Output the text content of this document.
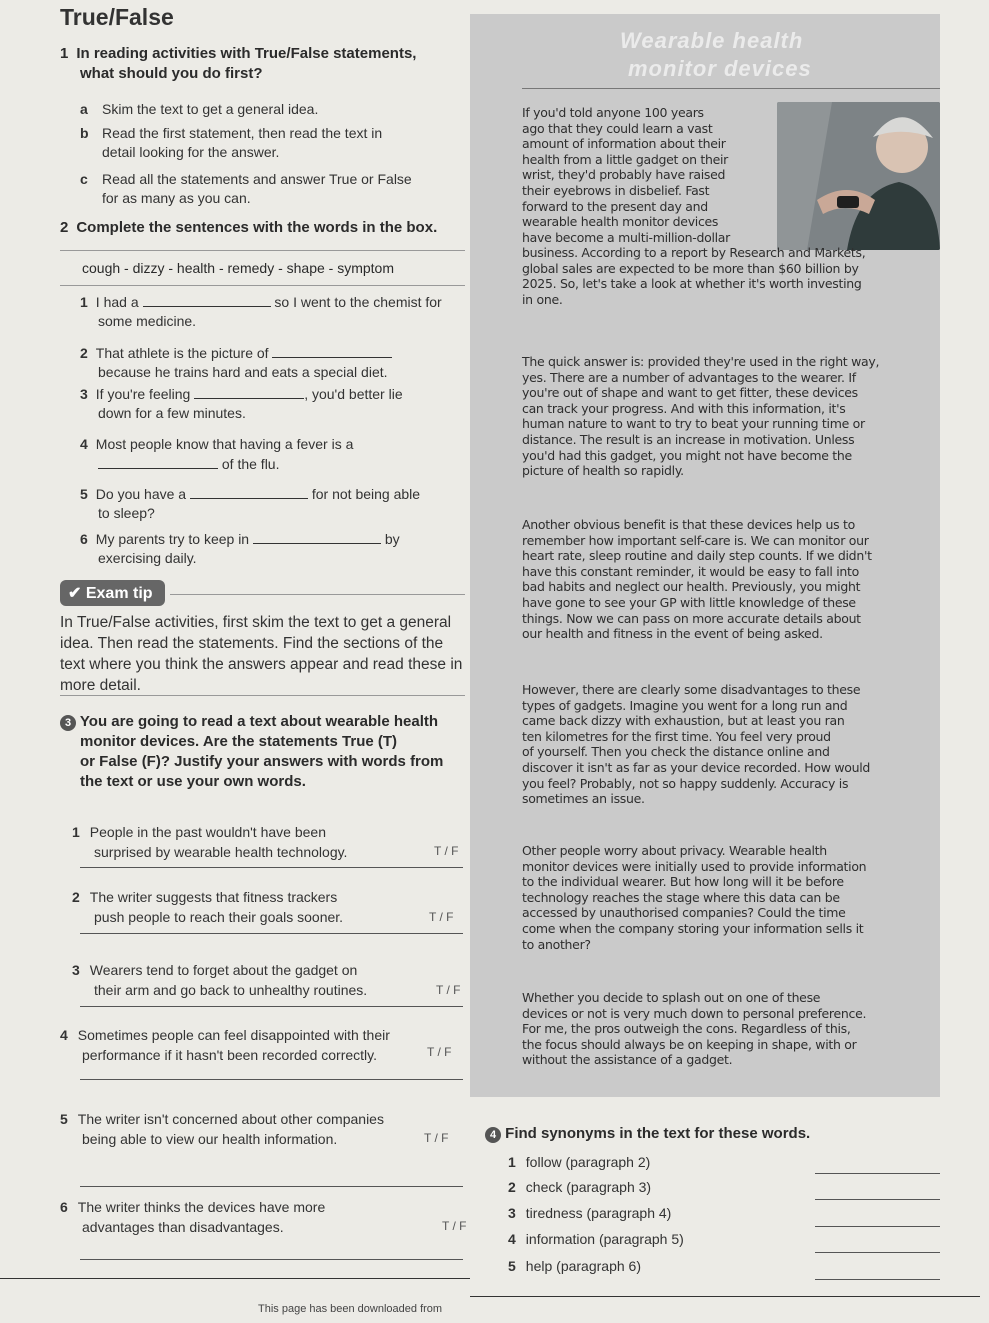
True/False
1 In reading activities with True/False statements,
what should you do first?
a Skim the text to get a general idea.
b Read the first statement, then read the text in
detail looking for the answer.
c Read all the statements and answer True or False
for as many as you can.
2 Complete the sentences with the words in the box.
cough - dizzy - health - remedy - shape - symptom
1 I had a	so I went to the chemist for
some medicine.
2 That athlete is the picture of
because he trains hard and eats a special diet.
3 If you're feeling	, you'd better lie
down for a few minutes.
4 Most people know that having a fever is a
of the flu.
5 Do you have a	for not being able
to sleep?
6 My parents try to keep in	by
exercising daily.
✔ Exam tip
In True/False activities, first skim the text to get a general idea. Then read the statements. Find the sections of the text where you think the answers appear and read these in more detail.
3 You are going to read a text about wearable health
monitor devices. Are the statements True (T)
or False (F)? Justify your answers with words from
the text or use your own words.
1 People in the past wouldn't have been
surprised by wearable health technology.	T / F
2 The writer suggests that fitness trackers
push people to reach their goals sooner.	T / F
3 Wearers tend to forget about the gadget on
their arm and go back to unhealthy routines.	T / F
4 Sometimes people can feel disappointed with their
performance if it hasn't been recorded correctly.	T / F
5 The writer isn't concerned about other companies
being able to view our health information.	T / F
6 The writer thinks the devices have more
advantages than disadvantages.	T / F
Wearable health
monitor devices
If you'd told anyone 100 years
ago that they could learn a vast
amount of information about their
health from a little gadget on their
wrist, they'd probably have raised
their eyebrows in disbelief. Fast
forward to the present day and
wearable health monitor devices
have become a multi-million-dollar
business. According to a report by Research and Markets,
global sales are expected to be more than $60 billion by
2025. So, let's take a look at whether it's worth investing
in one.
The quick answer is: provided they're used in the right way,
yes. There are a number of advantages to the wearer. If
you're out of shape and want to get fitter, these devices
can track your progress. And with this information, it's
human nature to want to try to beat your running time or
distance. The result is an increase in motivation. Unless
you'd had this gadget, you might not have become the
picture of health so rapidly.
Another obvious benefit is that these devices help us to
remember how important self-care is. We can monitor our
heart rate, sleep routine and daily step counts. If we didn't
have this constant reminder, it would be easy to fall into
bad habits and neglect our health. Previously, you might
have gone to see your GP with little knowledge of these
things. Now we can pass on more accurate details about
our health and fitness in the event of being asked.
However, there are clearly some disadvantages to these
types of gadgets. Imagine you went for a long run and
came back dizzy with exhaustion, but at least you ran
ten kilometres for the first time. You feel very proud
of yourself. Then you check the distance online and
discover it isn't as far as your device recorded. How would
you feel? Probably, not so happy suddenly. Accuracy is
sometimes an issue.
Other people worry about privacy. Wearable health
monitor devices were initially used to provide information
to the individual wearer. But how long will it be before
technology reaches the stage where this data can be
accessed by unauthorised companies? Could the time
come when the company storing your information sells it
to another?
Whether you decide to splash out on one of these
devices or not is very much down to personal preference.
For me, the pros outweigh the cons. Regardless of this,
the focus should always be on keeping in shape, with or
without the assistance of a gadget.
4 Find synonyms in the text for these words.
1 follow (paragraph 2)
2 check (paragraph 3)
3 tiredness (paragraph 4)
4 information (paragraph 5)
5 help (paragraph 6)
This page has been downloaded from
